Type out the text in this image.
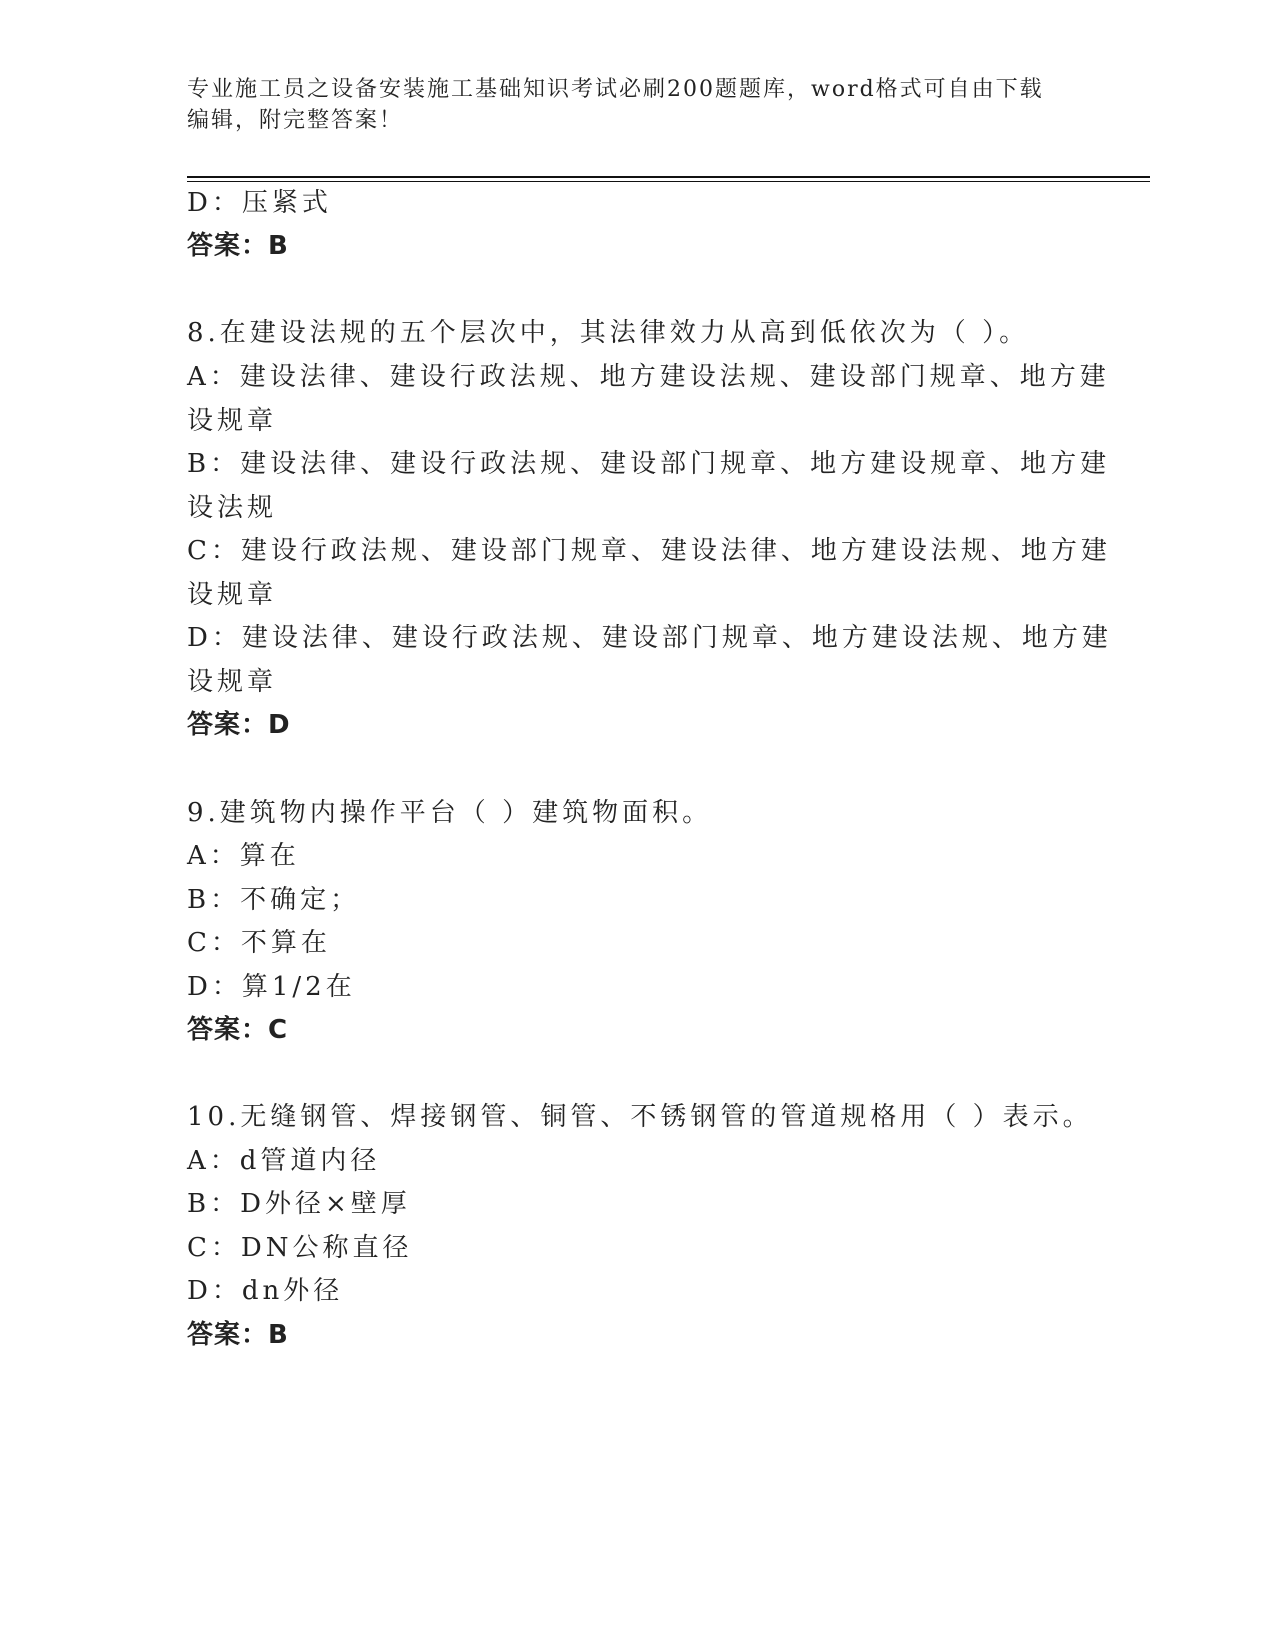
专业施工员之设备安装施工基础知识考试必刷200题题库，word格式可自由下载
编辑，附完整答案！
D：压紧式
答案：B
8.在建设法规的五个层次中，其法律效力从高到低依次为（ ）。
A：建设法律、建设行政法规、地方建设法规、建设部门规章、地方建
设规章
B：建设法律、建设行政法规、建设部门规章、地方建设规章、地方建
设法规
C：建设行政法规、建设部门规章、建设法律、地方建设法规、地方建
设规章
D：建设法律、建设行政法规、建设部门规章、地方建设法规、地方建
设规章
答案：D
9.建筑物内操作平台（ ）建筑物面积。
A：算在
B：不确定；
C：不算在
D：算1/2在
答案：C
10.无缝钢管、焊接钢管、铜管、不锈钢管的管道规格用（ ）表示。
A：d管道内径
B：D外径×壁厚
C：DN公称直径
D：dn外径
答案：B
